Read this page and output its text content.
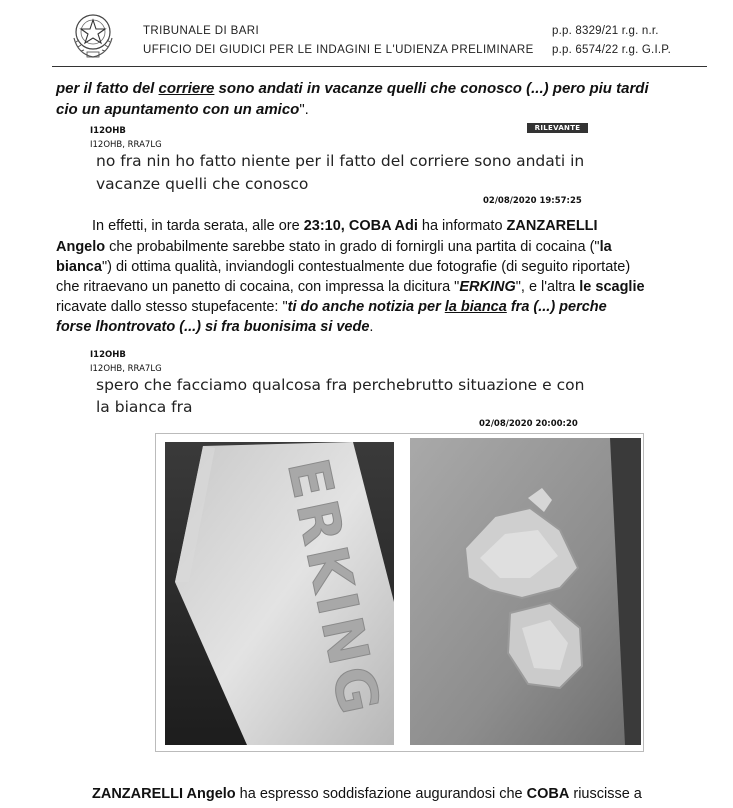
TRIBUNALE DI BARI
UFFICIO DEI GIUDICI PER LE INDAGINI E L'UDIENZA PRELIMINARE
p.p. 8329/21 r.g. n.r.
p.p. 6574/22 r.g. G.I.P.
per il fatto del corriere sono andati in vacanze quelli che conosco (...) pero piu tardi
cio un apuntamento con un amico".
I12OHB	RILEVANTE
I12OHB, RRA7LG
no fra nin ho fatto niente per il fatto del corriere sono andati in
vacanze quelli che conosco
02/08/2020 19:57:25
In effetti, in tarda serata, alle ore 23:10, COBA Adi ha informato ZANZARELLI
Angelo che probabilmente sarebbe stato in grado di fornirgli una partita di cocaina ("la
bianca") di ottima qualità, inviandogli contestualmente due fotografie (di seguito riportate)
che ritraevano un panetto di cocaina, con impressa la dicitura "ERKING", e l'altra le scaglie
ricavate dallo stesso stupefacente: "ti do anche notizia per la bianca fra (...) perche
forse lhontrovato (...) si fra buonisima si vede.
I12OHB
I12OHB, RRA7LG
spero che facciamo qualcosa fra perchebrutto situazione e con
la bianca fra
02/08/2020 20:00:20
ERKING
ZANZARELLI Angelo ha espresso soddisfazione augurandosi che COBA riuscisse a
